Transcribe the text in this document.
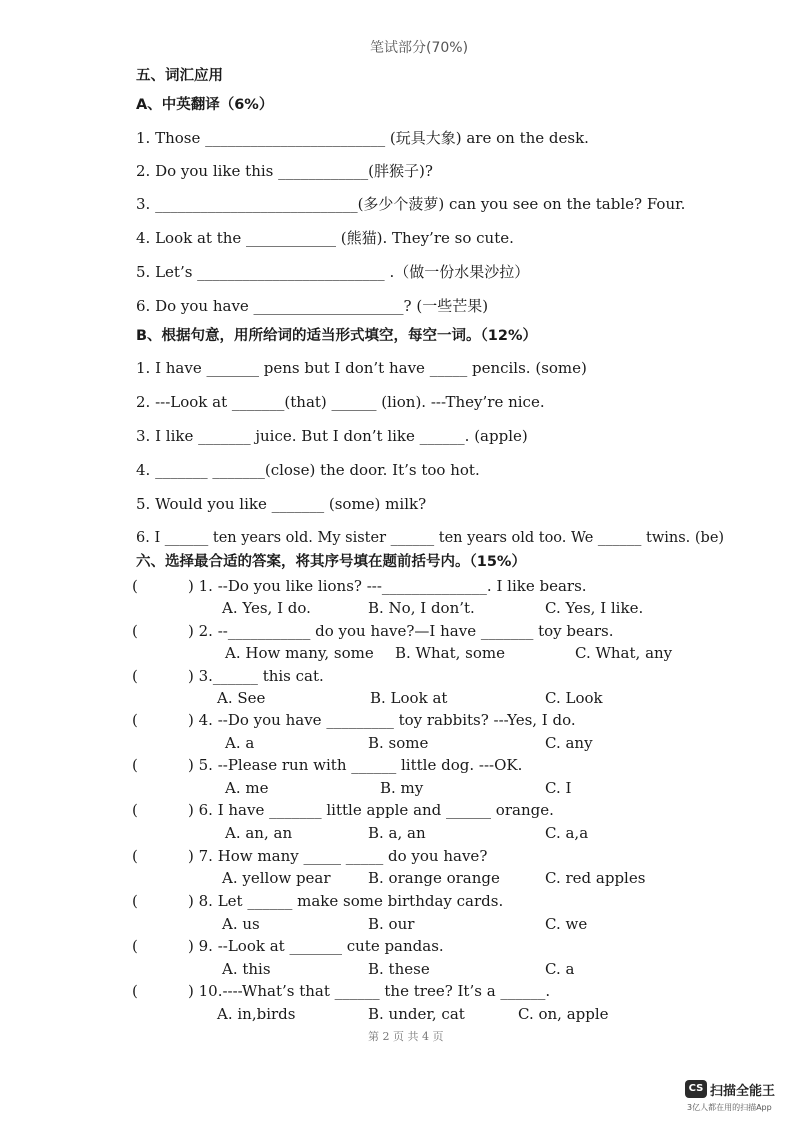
笔试部分(70%)
五、词汇应用
A、中英翻译（6%）
1. Those ________________________ (玩具大象) are on the desk.
2. Do you like this ____________(胖猴子)?
3. ___________________________(多少个菠萝) can you see on the table? Four.
4. Look at the ____________ (熊猫). They’re so cute.
5. Let’s _________________________ .（做一份水果沙拉）
6. Do you have ____________________? (一些芒果)
B、根据句意，用所给词的适当形式填空，每空一词。（12%）
1. I have _______ pens but I don’t have _____ pencils. (some)
2. ---Look at _______(that) ______ (lion). ---They’re nice.
3. I like _______ juice. But I don’t like ______. (apple)
4. _______ _______(close) the door. It’s too hot.
5. Would you like _______ (some) milk?
6. I ______ ten years old. My sister ______ ten years old too. We ______ twins. (be)
六、选择最合适的答案，将其序号填在题前括号内。（15%）
(	) 1. --Do you like lions? ---______________. I like bears.
A. Yes, I do.	B. No, I don’t.	C. Yes, I like.
(	) 2. --___________ do you have?—I have _______ toy bears.
A. How many, some B. What, some	C. What, any
(	) 3.______ this cat.
A. See	B. Look at	C. Look
(	) 4. --Do you have _________ toy rabbits? ---Yes, I do.
A. a	B. some	C. any
(	) 5. --Please run with ______ little dog. ---OK.
A. me	B. my	C. I
(	) 6. I have _______ little apple and ______ orange.
A. an, an	B. a, an	C. a,a
(	) 7. How many _____ _____ do you have?
A. yellow pear B. orange orange	C. red apples
(	) 8. Let ______ make some birthday cards.
A. us	B. our	C. we
(	) 9. --Look at _______ cute pandas.
A. this	B. these	C. a
(	) 10.----What’s that ______ the tree? It’s a ______.
A. in,birds	B. under, cat	C. on, apple
第 2 页 共 4 页
CS 扫描全能王
3亿人都在用的扫描App
